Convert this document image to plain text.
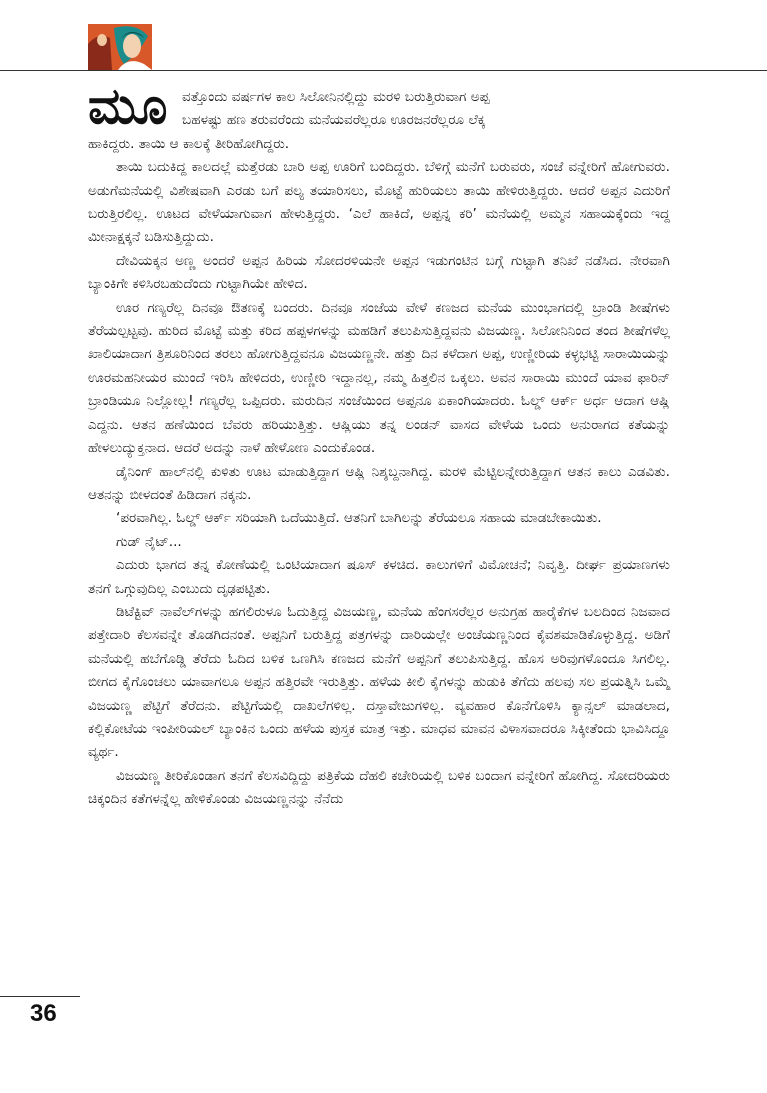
ಮೂ	ವತ್ತೊಂದು ವರ್ಷಗಳ ಕಾಲ ಸಿಲೋನಿನಲ್ಲಿದ್ದು ಮರಳಿ ಬರುತ್ತಿರುವಾಗ ಅಪ್ಪ
ಬಹಳಷ್ಟು ಹಣ ತರುವರೆಂದು ಮನೆಯವರೆಲ್ಲರೂ ಊರಜನರೆಲ್ಲರೂ ಲೆಕ್ಕ
ಹಾಕಿದ್ದರು. ತಾಯಿ ಆ ಕಾಲಕ್ಕೆ ತೀರಿಹೋಗಿದ್ದರು.

ತಾಯಿ ಬದುಕಿದ್ದ ಕಾಲದಲ್ಲೆ ಮತ್ತೆರಡು ಬಾರಿ ಅಪ್ಪ ಊರಿಗೆ ಬಂದಿದ್ದರು. ಬೆಳಿಗ್ಗೆ ಮನೆಗೆ ಬರುವರು, ಸಂಜೆ ವನ್ನೇರಿಗೆ ಹೋಗುವರು. ಅಡುಗೆಮನೆಯಲ್ಲಿ ವಿಶೇಷವಾಗಿ ಎರಡು ಬಗೆ ಪಲ್ಯ ತಯಾರಿಸಲು, ಮೊಟ್ಟೆ ಹುರಿಯಲು ತಾಯಿ ಹೇಳಿರುತ್ತಿದ್ದರು. ಆದರೆ ಅಪ್ಪನ ಎದುರಿಗೆ ಬರುತ್ತಿರಲಿಲ್ಲ. ಊಟದ ವೇಳೆಯಾಗುವಾಗ ಹೇಳುತ್ತಿದ್ದರು. ‘ಎಲೆ ಹಾಕಿದೆ, ಅಪ್ಪನ್ನ ಕರಿ’ ಮನೆಯಲ್ಲಿ ಅಮ್ಮನ ಸಹಾಯಕ್ಕೆಂದು ಇದ್ದ ಮೀನಾಕ್ಷಕ್ಕನೆ ಬಡಿಸುತ್ತಿದ್ದುದು.

ದೇವಿಯಕ್ಕನ ಅಣ್ಣ ಅಂದರೆ ಅಪ್ಪನ ಹಿರಿಯ ಸೋದರಳಿಯನೇ ಅಪ್ಪನ ಇಡುಗಂಟಿನ ಬಗ್ಗೆ ಗುಟ್ಟಾಗಿ ತನಿಖೆ ನಡೆಸಿದ. ನೇರವಾಗಿ ಬ್ಯಾಂಕಿಗೇ ಕಳಿಸಿರಬಹುದೆಂದು ಗುಟ್ಟಾಗಿಯೇ ಹೇಳಿದ.

ಊರ ಗಣ್ಯರೆಲ್ಲ ದಿನವೂ ಔತಣಕ್ಕೆ ಬಂದರು. ದಿನವೂ ಸಂಜೆಯ ವೇಳೆ ಕಣಜದ ಮನೆಯ ಮುಂಭಾಗದಲ್ಲಿ ಬ್ರಾಂಡಿ ಶೀಷೆಗಳು ತೆರೆಯಲ್ಪಟ್ಟವು. ಹುರಿದ ಮೊಟ್ಟೆ ಮತ್ತು ಕರಿದ ಹಪ್ಪಳಗಳನ್ನು ಮಹಡಿಗೆ ತಲುಪಿಸುತ್ತಿದ್ದವನು ವಿಜಯಣ್ಣ. ಸಿಲೋನಿನಿಂದ ತಂದ ಶೀಷೆಗಳೆಲ್ಲ ಖಾಲಿಯಾದಾಗ ತ್ರಿಶೂರಿನಿಂದ ತರಲು ಹೋಗುತ್ತಿದ್ದವನೂ ವಿಜಯಣ್ಣನೇ. ಹತ್ತು ದಿನ ಕಳೆದಾಗ ಅಪ್ಪ, ಉಣ್ಣೀರಿಯ ಕಳ್ಳಭಟ್ಟಿ ಸಾರಾಯಿಯನ್ನು ಊರಮಹನೀಯರ ಮುಂದೆ ಇರಿಸಿ ಹೇಳಿದರು, ಉಣ್ಣೀರಿ ಇದ್ದಾನಲ್ಲ, ನಮ್ಮ ಹಿತ್ತಲಿನ ಒಕ್ಕಲು. ಅವನ ಸಾರಾಯಿ ಮುಂದೆ ಯಾವ ಫಾರಿನ್ ಬ್ರಾಂಡಿಯೂ ನಿಲ್ಲೋಲ್ಲ! ಗಣ್ಯರೆಲ್ಲ ಒಪ್ಪಿದರು. ಮರುದಿನ ಸಂಜೆಯಿಂದ ಅಪ್ಪನೂ ಏಕಾಂಗಿಯಾದರು. ಓಲ್ಡ್ ಆರ್ಕ್ ಅರ್ಧ ಆದಾಗ ಆಷ್ಲಿ ಎದ್ದನು. ಆತನ ಹಣೆಯಿಂದ ಬೆವರು ಹರಿಯುತ್ತಿತ್ತು. ಆಷ್ಲಿಯು ತನ್ನ ಲಂಡನ್ ವಾಸದ ವೇಳೆಯ ಒಂದು ಅನುರಾಗದ ಕತೆಯನ್ನು ಹೇಳಲುದ್ಯುಕ್ತನಾದ. ಆದರೆ ಅದನ್ನು ನಾಳೆ ಹೇಳೋಣ ಎಂದುಕೊಂಡ.

ಡೈನಿಂಗ್ ಹಾಲ್‌ನಲ್ಲಿ ಕುಳಿತು ಊಟ ಮಾಡುತ್ತಿದ್ದಾಗ ಆಷ್ಲಿ ನಿಶ್ಶಬ್ದನಾಗಿದ್ದ. ಮರಳಿ ಮೆಟ್ಟಿಲನ್ನೇರುತ್ತಿದ್ದಾಗ ಆತನ ಕಾಲು ಎಡವಿತು. ಆತನನ್ನು ಬೀಳದಂತೆ ಹಿಡಿದಾಗ ನಕ್ಕನು.

‘ಪರವಾಗಿಲ್ಲ. ಓಲ್ಡ್ ಆರ್ಕ್ ಸರಿಯಾಗಿ ಒದೆಯುತ್ತಿದೆ. ಆತನಿಗೆ ಬಾಗಿಲನ್ನು ತೆರೆಯಲೂ ಸಹಾಯ ಮಾಡಬೇಕಾಯಿತು.

ಗುಡ್ ನೈಟ್...

ಎದುರು ಭಾಗದ ತನ್ನ ಕೋಣೆಯಲ್ಲಿ ಒಂಟಿಯಾದಾಗ ಷೂಸ್ ಕಳಚಿದ. ಕಾಲುಗಳಿಗೆ ವಿಮೋಚನೆ; ನಿವೃತ್ತಿ. ದೀರ್ಘ ಪ್ರಯಾಣಗಳು ತನಗೆ ಒಗ್ಗುವುದಿಲ್ಲ ಎಂಬುದು ದೃಢಪಟ್ಟಿತು.

ಡಿಟೆಕ್ಟಿವ್ ನಾವೆಲ್‌ಗಳನ್ನು ಹಗಲಿರುಳೂ ಓದುತ್ತಿದ್ದ ವಿಜಯಣ್ಣ, ಮನೆಯ ಹೆಂಗಸರೆಲ್ಲರ ಅನುಗ್ರಹ ಹಾರೈಕೆಗಳ ಬಲದಿಂದ ನಿಜವಾದ ಪತ್ತೇದಾರಿ ಕೆಲಸವನ್ನೇ ತೊಡಗಿದನಂತೆ. ಅಪ್ಪನಿಗೆ ಬರುತ್ತಿದ್ದ ಪತ್ರಗಳನ್ನು ದಾರಿಯಲ್ಲೇ ಅಂಚೆಯಣ್ಣನಿಂದ ಕೈವಶಮಾಡಿಕೊಳ್ಳುತ್ತಿದ್ದ. ಅಡಿಗೆ ಮನೆಯಲ್ಲಿ ಹಬೆಗೊಡ್ಡಿ ತೆರೆದು ಓದಿದ ಬಳಿಕ ಒಣಗಿಸಿ ಕಣಜದ ಮನೆಗೆ ಅಪ್ಪನಿಗೆ ತಲುಪಿಸುತ್ತಿದ್ದ. ಹೊಸ ಅರಿವುಗಳೊಂದೂ ಸಿಗಲಿಲ್ಲ. ಬೀಗದ ಕೈಗೊಂಚಲು ಯಾವಾಗಲೂ ಅಪ್ಪನ ಹತ್ತಿರವೇ ಇರುತ್ತಿತ್ತು. ಹಳೆಯ ಕೀಲಿ ಕೈಗಳನ್ನು ಹುಡುಕಿ ತೆಗೆದು ಹಲವು ಸಲ ಪ್ರಯತ್ನಿಸಿ ಒಮ್ಮೆ ವಿಜಯಣ್ಣ ಪೆಟ್ಟಿಗೆ ತೆರೆದನು. ಪೆಟ್ಟಿಗೆಯಲ್ಲಿ ದಾಖಲೆಗಳಿಲ್ಲ. ದಸ್ತಾವೇಜುಗಳಿಲ್ಲ. ವ್ಯವಹಾರ ಕೊನೆಗೊಳಿಸಿ ಕ್ಯಾನ್ಸಲ್ ಮಾಡಲಾದ, ಕಲ್ಲಿಕೋಟೆಯ ಇಂಪೀರಿಯಲ್ ಬ್ಯಾಂಕಿನ ಒಂದು ಹಳೆಯ ಪುಸ್ತಕ ಮಾತ್ರ ಇತ್ತು. ಮಾಧವ ಮಾವನ ವಿಳಾಸವಾದರೂ ಸಿಕ್ಕೀತೆಂದು ಭಾವಿಸಿದ್ದೂ ವ್ಯರ್ಥ.

ವಿಜಯಣ್ಣ ತೀರಿಕೊಂಡಾಗ ತನಗೆ ಕೆಲಸವಿದ್ದಿದ್ದು ಪತ್ರಿಕೆಯ ದೆಹಲಿ ಕಚೇರಿಯಲ್ಲಿ ಬಳಿಕ ಬಂದಾಗ ವನ್ನೇರಿಗೆ ಹೋಗಿದ್ದ. ಸೋದರಿಯರು ಚಿಕ್ಕಂದಿನ ಕತೆಗಳನ್ನೆಲ್ಲ ಹೇಳಿಕೊಂಡು ವಿಜಯಣ್ಣನನ್ನು ನೆನೆದು

36
